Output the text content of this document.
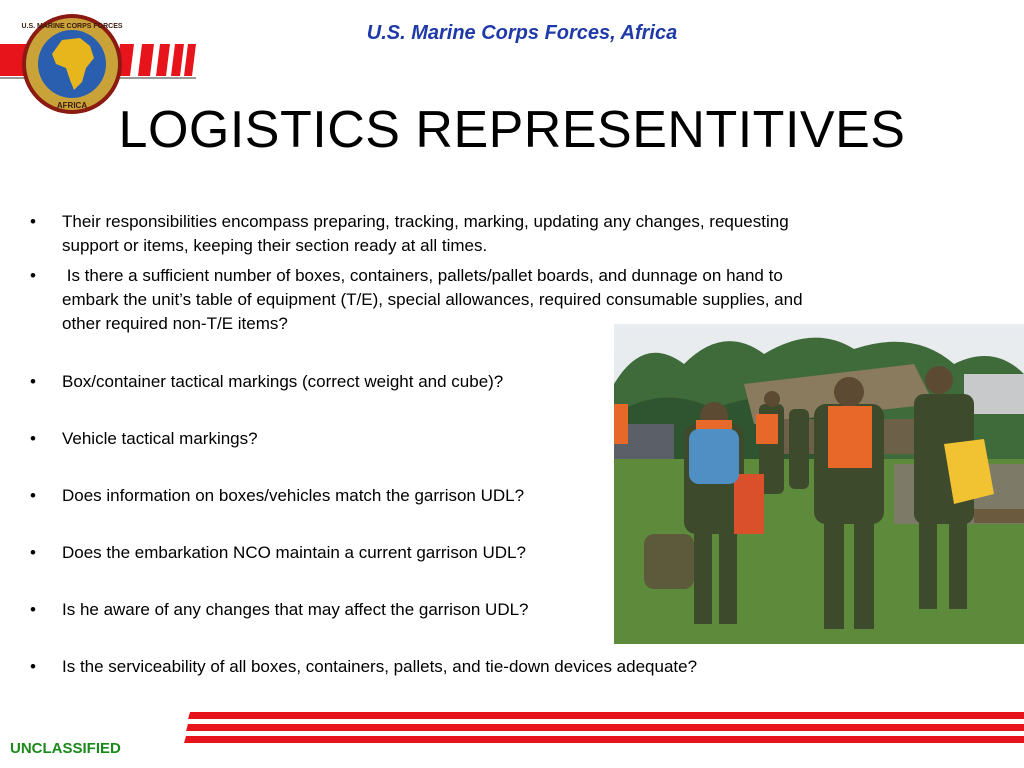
U.S. MARINE CORPS FORCES
AFRICA
U.S. Marine Corps Forces, Africa
LOGISTICS REPRESENTITIVES
• Their responsibilities encompass preparing, tracking, marking, updating any changes, requesting support or items, keeping their section ready at all times.
• Is there a sufficient number of boxes, containers, pallets/pallet boards, and dunnage on hand to embark the unit’s table of equipment (T/E), special allowances, required consumable supplies, and other required non-T/E items?
• Box/container tactical markings (correct weight and cube)?
• Vehicle tactical markings?
• Does information on boxes/vehicles match the garrison UDL?
• Does the embarkation NCO maintain a current garrison UDL?
• Is he aware of any changes that may affect the garrison UDL?
• Is the serviceability of all boxes, containers, pallets, and tie-down devices adequate?
UNCLASSIFIED
